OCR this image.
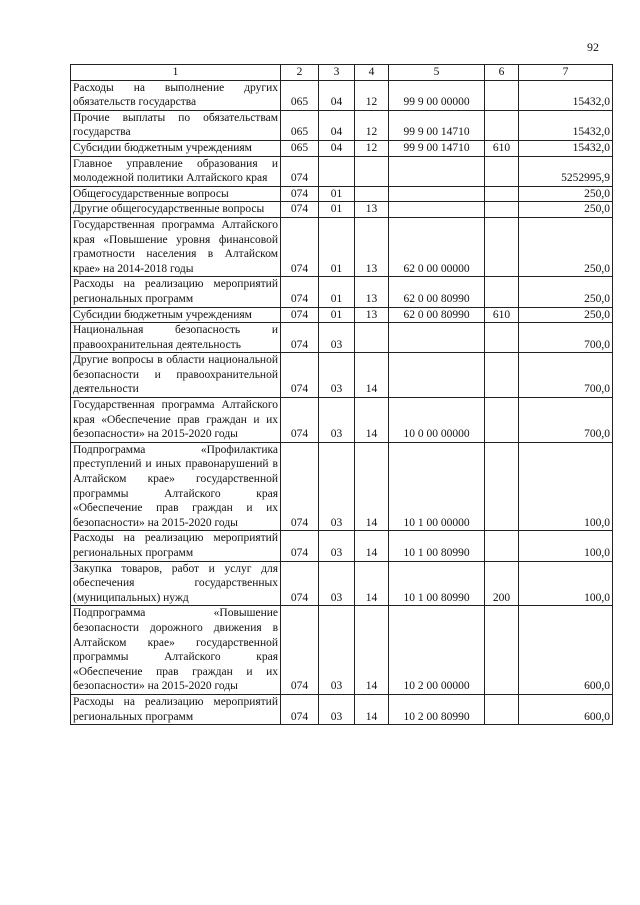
92
1	2	3	4	5	6	7
Расходы на выполнение других обязательств государства	065	04	12	99 9 00 00000		15432,0
Прочие выплаты по обязательствам государства	065	04	12	99 9 00 14710		15432,0
Субсидии бюджетным учреждениям	065	04	12	99 9 00 14710	610	15432,0
Главное управление образования и молодежной политики Алтайского края	074					5252995,9
Общегосударственные вопросы	074	01				250,0
Другие общегосударственные вопросы	074	01	13			250,0
Государственная программа Алтайского края «Повышение уровня финансовой грамотности населения в Алтайском крае» на 2014-2018 годы	074	01	13	62 0 00 00000		250,0
Расходы на реализацию мероприятий региональных программ	074	01	13	62 0 00 80990		250,0
Субсидии бюджетным учреждениям	074	01	13	62 0 00 80990	610	250,0
Национальная безопасность и правоохранительная деятельность	074	03				700,0
Другие вопросы в области национальной безопасности и правоохранительной деятельности	074	03	14			700,0
Государственная программа Алтайского края «Обеспечение прав граждан и их безопасности» на 2015-2020 годы	074	03	14	10 0 00 00000		700,0
Подпрограмма «Профилактика преступлений и иных правонарушений в Алтайском крае» государственной программы Алтайского края «Обеспечение прав граждан и их безопасности» на 2015-2020 годы	074	03	14	10 1 00 00000		100,0
Расходы на реализацию мероприятий региональных программ	074	03	14	10 1 00 80990		100,0
Закупка товаров, работ и услуг для обеспечения государственных (муниципальных) нужд	074	03	14	10 1 00 80990	200	100,0
Подпрограмма «Повышение безопасности дорожного движения в Алтайском крае» государственной программы Алтайского края «Обеспечение прав граждан и их безопасности» на 2015-2020 годы	074	03	14	10 2 00 00000		600,0
Расходы на реализацию мероприятий региональных программ	074	03	14	10 2 00 80990		600,0
